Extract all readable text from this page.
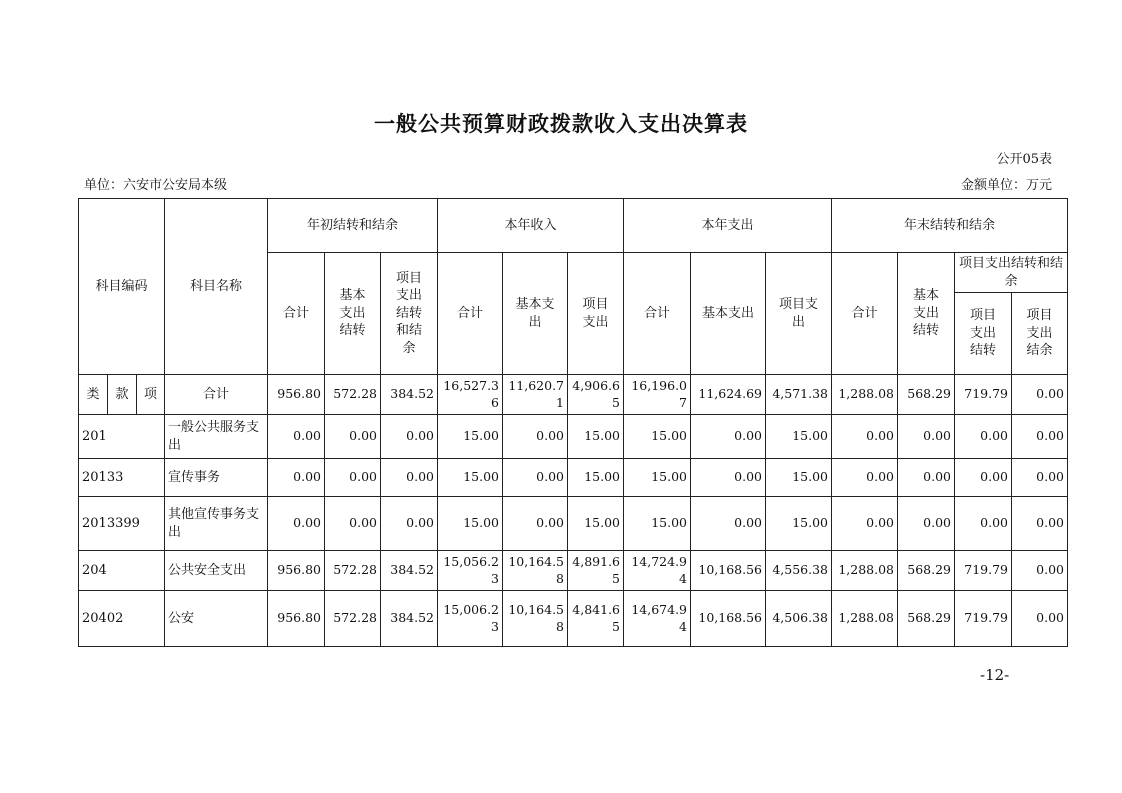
一般公共预算财政拨款收入支出决算表
公开05表
单位：六安市公安局本级	金额单位：万元
科目编码			科目名称	年初结转和结余			本年收入			本年支出			年末结转和结余			
				合计	基本支出结转	项目支出结转和结余	合计	基本支出	项目支出	合计	基本支出	项目支出	合计	基本支出结转	项目支出结转和结余	
															项目支出结转	项目支出结余
类	款	项	合计	956.80	572.28	384.52	16,527.36	11,620.71	4,906.65	16,196.07	11,624.69	4,571.38	1,288.08	568.29	719.79	0.00
201			一般公共服务支出	0.00	0.00	0.00	15.00	0.00	15.00	15.00	0.00	15.00	0.00	0.00	0.00	0.00
20133			宣传事务	0.00	0.00	0.00	15.00	0.00	15.00	15.00	0.00	15.00	0.00	0.00	0.00	0.00
2013399			其他宣传事务支出	0.00	0.00	0.00	15.00	0.00	15.00	15.00	0.00	15.00	0.00	0.00	0.00	0.00
204			公共安全支出	956.80	572.28	384.52	15,056.23	10,164.58	4,891.65	14,724.94	10,168.56	4,556.38	1,288.08	568.29	719.79	0.00
20402			公安	956.80	572.28	384.52	15,006.23	10,164.58	4,841.65	14,674.94	10,168.56	4,506.38	1,288.08	568.29	719.79	0.00
-12-
